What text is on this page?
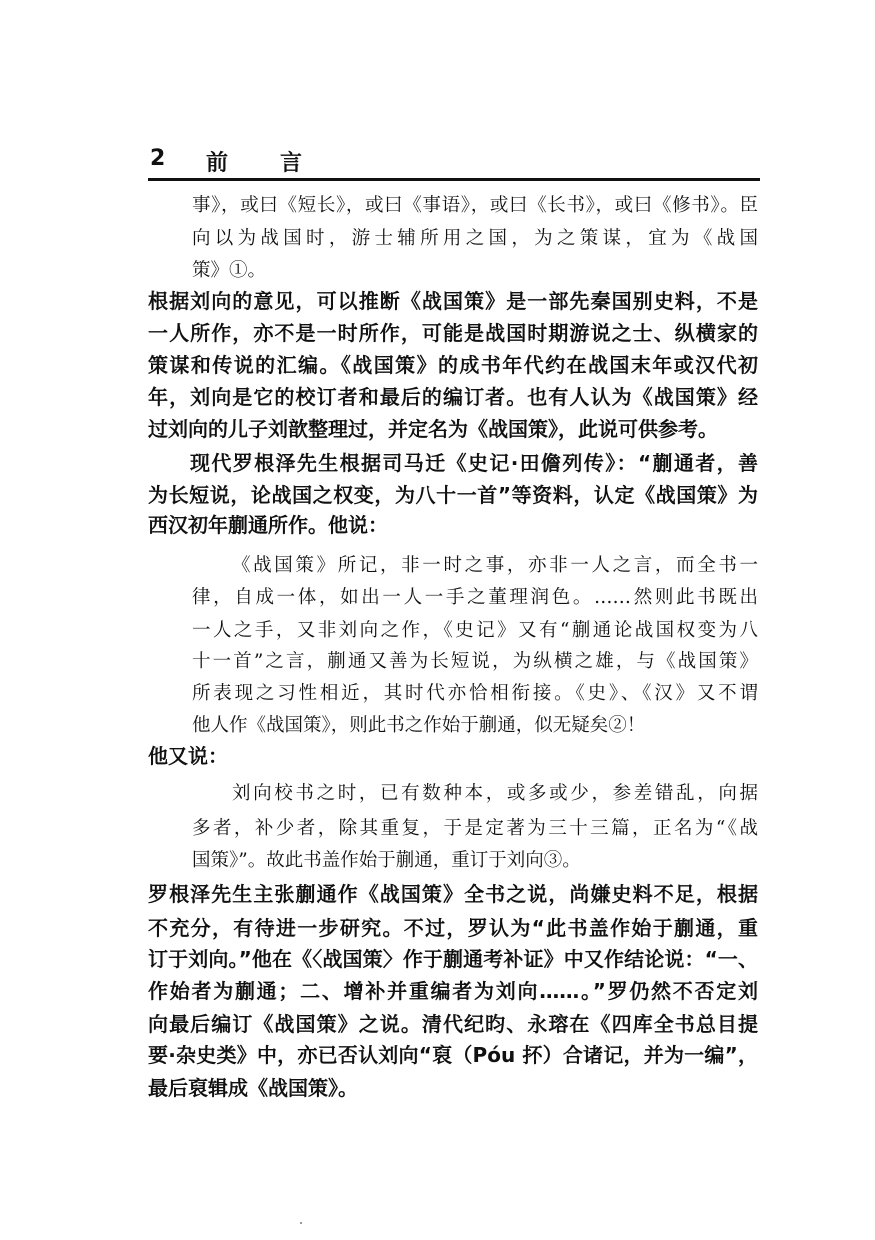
2 前 言
事》，或曰《短长》，或曰《事语》，或曰《长书》，或曰《修书》。臣
向以为战国时，游士辅所用之国，为之策谋，宜为《战国
策》①。
根据刘向的意见，可以推断《战国策》是一部先秦国别史料，不是
一人所作，亦不是一时所作，可能是战国时期游说之士、纵横家的
策谋和传说的汇编。《战国策》的成书年代约在战国末年或汉代初
年，刘向是它的校订者和最后的编订者。也有人认为《战国策》经
过刘向的儿子刘歆整理过，并定名为《战国策》，此说可供参考。
现代罗根泽先生根据司马迁《史记·田儋列传》：“蒯通者，善
为长短说，论战国之权变，为八十一首”等资料，认定《战国策》为
西汉初年蒯通所作。他说：
《战国策》所记，非一时之事，亦非一人之言，而全书一
律，自成一体，如出一人一手之董理润色。……然则此书既出
一人之手，又非刘向之作，《史记》又有“蒯通论战国权变为八
十一首”之言，蒯通又善为长短说，为纵横之雄，与《战国策》
所表现之习性相近，其时代亦恰相衔接。《史》、《汉》又不谓
他人作《战国策》，则此书之作始于蒯通，似无疑矣②！
他又说：
刘向校书之时，已有数种本，或多或少，参差错乱，向据
多者，补少者，除其重复，于是定著为三十三篇，正名为“《战
国策》”。故此书盖作始于蒯通，重订于刘向③。
罗根泽先生主张蒯通作《战国策》全书之说，尚嫌史料不足，根据
不充分，有待进一步研究。不过，罗认为“此书盖作始于蒯通，重
订于刘向。”他在《〈战国策〉作于蒯通考补证》中又作结论说：“一、
作始者为蒯通；二、增补并重编者为刘向……。”罗仍然不否定刘
向最后编订《战国策》之说。清代纪昀、永瑢在《四库全书总目提
要·杂史类》中，亦已否认刘向“裒（Póu 抔）合诸记，并为一编”，
最后裒辑成《战国策》。
